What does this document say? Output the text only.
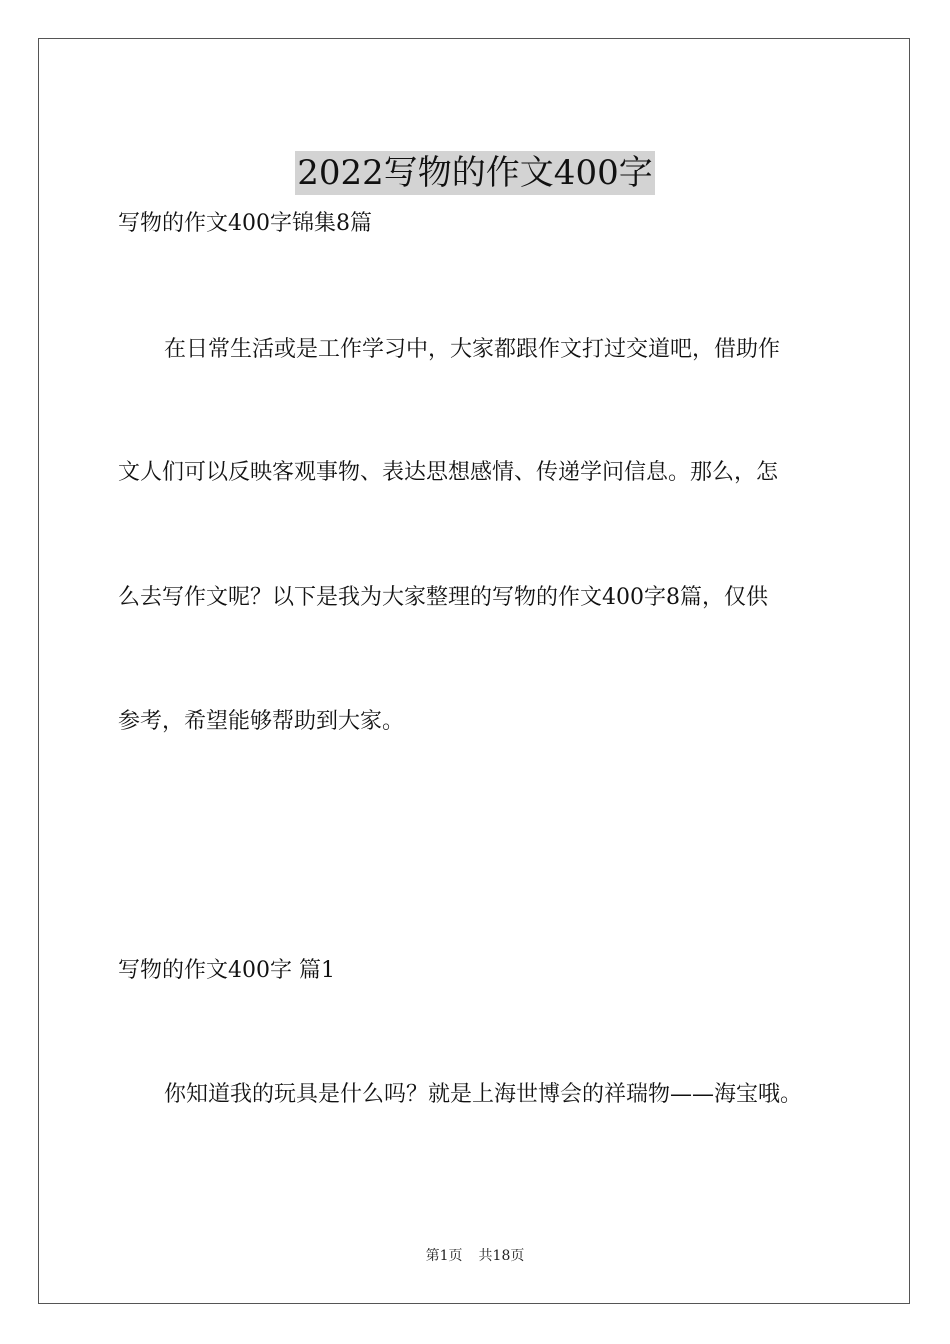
2022写物的作文400字
写物的作文400字锦集8篇
在日常生活或是工作学习中，大家都跟作文打过交道吧，借助作
文人们可以反映客观事物、表达思想感情、传递学问信息。那么，怎
么去写作文呢？以下是我为大家整理的写物的作文400字8篇，仅供
参考，希望能够帮助到大家。
写物的作文400字 篇1
你知道我的玩具是什么吗？就是上海世博会的祥瑞物——海宝哦。
第1页 共18页
